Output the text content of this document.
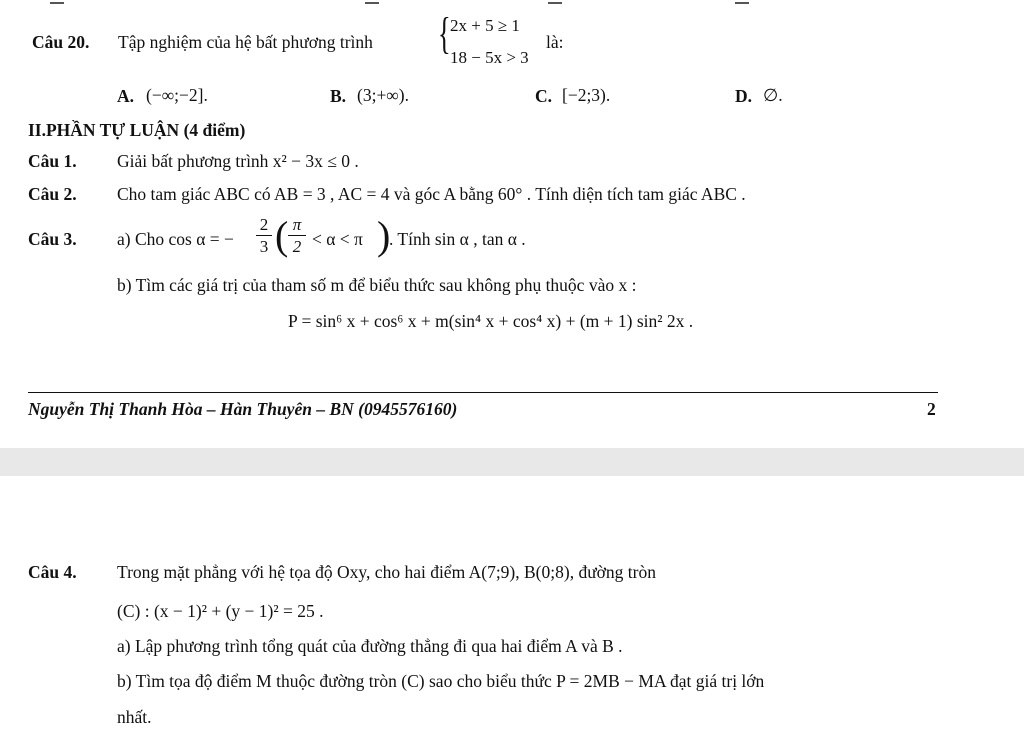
Câu 20. Tập nghiệm của hệ bất phương trình { 2x + 5 ≥ 1
18 − 5x > 3
là:
A. (−∞;−2].	B. (3;+∞).	C. [−2;3).	D. ∅.
II.PHẦN TỰ LUẬN (4 điểm)
Câu 1. Giải bất phương trình x² − 3x ≤ 0 .
Câu 2. Cho tam giác ABC có AB = 3 , AC = 4 và góc A bằng 60° . Tính diện tích tam giác ABC .
Câu 3. a) Cho cos α = −
2
3 ( π
2 < α < π )
. Tính sin α , tan α .
b) Tìm các giá trị của tham số m để biểu thức sau không phụ thuộc vào x :
P = sin⁶ x + cos⁶ x + m(sin⁴ x + cos⁴ x) + (m + 1) sin² 2x .
Nguyễn Thị Thanh Hòa – Hàn Thuyên – BN (0945576160)	2
Câu 4. Trong mặt phẳng với hệ tọa độ Oxy, cho hai điểm A(7;9), B(0;8), đường tròn
(C) : (x − 1)² + (y − 1)² = 25 .
a) Lập phương trình tổng quát của đường thẳng đi qua hai điểm A và B .
b) Tìm tọa độ điểm M thuộc đường tròn (C) sao cho biểu thức P = 2MB − MA đạt giá trị lớn
nhất.
